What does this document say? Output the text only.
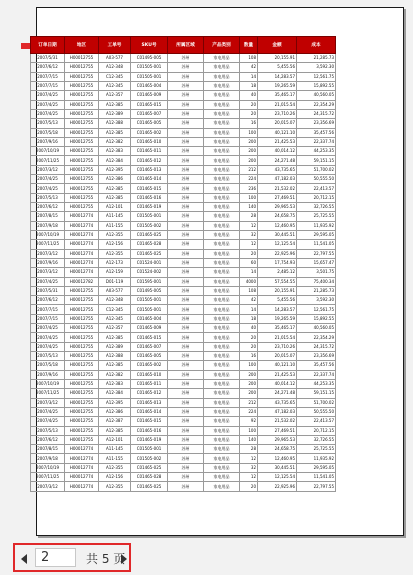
订单日期	地区	工单号	SKU号	所属区域	产品类别	数量	金额	成本
2007/5/31	H00012755	A03-577	C01495-005	苏州	家电用品	108	20,155.91	21,285.73
2007/6/12	H00012755	A12-348	C01505-001	苏州	家电用品	42	5,455.56	3,592.30
2007/7/15	H00012755	C12-345	C01505-001	苏州	家电用品	14	14,283.57	12,561.75
2007/7/15	H00012755	A12-345	C01465-004	苏州	家电用品	18	19,265.59	15,892.55
2007/4/25	H00012755	A12-357	C01465-009	苏州	家电用品	40	35,465.17	40,560.05
2007/4/25	H00012755	A12-385	C01465-015	苏州	家电用品	20	21,015.54	22,354.29
2007/4/25	H00012755	A12-389	C01465-007	苏州	家电用品	20	23,710.26	24,315.72
2007/5/13	H00012755	A12-388	C01465-005	苏州	家电用品	16	20,015.07	23,356.69
2007/5/18	H00012755	A12-385	C01465-002	苏州	家电用品	100	40,121.10	35,457.56
2007/9/16	H00012755	A12-382	C01465-010	苏州	家电用品	200	21,425.53	22,337.74
2007/10/19	H00012755	A12-383	C01465-011	苏州	家电用品	200	40,014.12	44,253.35
2007/11/25	H00012755	A12-384	C01465-012	苏州	家电用品	200	24,271.48	59,151.15
2007/3/12	H00012755	A12-395	C01465-013	苏州	家电用品	212	43,735.65	51,700.02
2007/4/25	H00012755	A12-386	C01465-014	苏州	家电用品	224	47,182.03	50,555.50
2007/4/25	H00012755	A12-385	C01465-015	苏州	家电用品	236	21,532.02	22,413.57
2007/5/13	H00012755	A12-385	C01465-016	苏州	家电用品	100	27,469.51	20,712.15
2007/6/12	H00012755	A12-101	C01465-019	苏州	家电用品	140	29,965.53	32,726.55
2007/8/15	H00012774	A11-145	C01505-001	苏州	家电用品	28	24,658.75	25,725.55
2007/9/18	H00012774	A11-155	C01505-002	苏州	家电用品	12	12,460.95	11,935.92
2007/10/19	H00012774	A12-355	C01465-025	苏州	家电用品	32	30,445.51	29,595.05
2007/11/25	H00012774	A12-156	C01465-028	苏州	家电用品	12	12,125.54	11,541.05
2007/3/12	H00012774	A12-355	C01465-025	苏州	家电用品	20	22,925.96	22,797.55
2007/9/16	H00012774	A12-173	C01524-001	苏州	家电用品	60	17,754.93	15,657.47
2007/3/12	H00012774	A12-159	C01524-002	苏州	家电用品	14	2,485.12	3,501.75
2007/4/25	H00012782	D01-119	C01595-001	苏州	家电用品	4000	57,554.55	75,400.34
2007/5/31	H00012755	A03-577	C01495-005	苏州	家电用品	108	20,155.91	21,285.73
2007/6/12	H00012755	A12-348	C01505-001	苏州	家电用品	42	5,455.56	3,592.30
2007/7/15	H00012755	C12-345	C01505-001	苏州	家电用品	14	14,283.57	12,561.75
2007/7/15	H00012755	A12-345	C01465-004	苏州	家电用品	18	19,265.59	15,892.55
2007/4/25	H00012755	A12-357	C01465-009	苏州	家电用品	40	35,465.17	40,560.05
2007/4/25	H00012755	A12-385	C01465-015	苏州	家电用品	20	21,015.54	22,354.29
2007/4/25	H00012755	A12-389	C01465-007	苏州	家电用品	20	23,710.26	24,315.72
2007/5/13	H00012755	A12-388	C01465-005	苏州	家电用品	16	20,015.07	23,356.69
2007/5/18	H00012755	A12-385	C01465-002	苏州	家电用品	100	40,121.10	35,457.56
2007/9/16	H00012755	A12-382	C01465-010	苏州	家电用品	200	21,425.53	22,337.74
2007/10/19	H00012755	A12-383	C01465-011	苏州	家电用品	200	40,014.12	44,253.35
2007/11/25	H00012755	A12-384	C01465-012	苏州	家电用品	200	24,271.48	59,151.15
2007/3/12	H00012755	A12-395	C01465-013	苏州	家电用品	212	43,735.65	51,700.02
2007/4/25	H00012755	A12-386	C01465-014	苏州	家电用品	224	47,182.03	50,555.50
2007/4/25	H00012755	A12-387	C01465-015	苏州	家电用品	92	21,532.02	22,413.57
2007/5/13	H00012755	A12-385	C01465-016	苏州	家电用品	100	27,469.51	20,712.15
2007/6/12	H00012755	A12-101	C01465-019	苏州	家电用品	140	29,965.53	32,726.55
2007/8/15	H00012774	A11-145	C01505-001	苏州	家电用品	28	24,658.75	25,725.55
2007/9/18	H00012774	A11-155	C01505-002	苏州	家电用品	12	12,460.95	11,935.92
2007/10/19	H00012774	A12-355	C01465-025	苏州	家电用品	32	30,445.51	29,595.05
2007/11/25	H00012774	A12-156	C01465-028	苏州	家电用品	12	12,125.54	11,541.05
2007/3/12	H00012774	A12-355	C01465-025	苏州	家电用品	20	22,925.96	22,797.55
2	共 5 页
